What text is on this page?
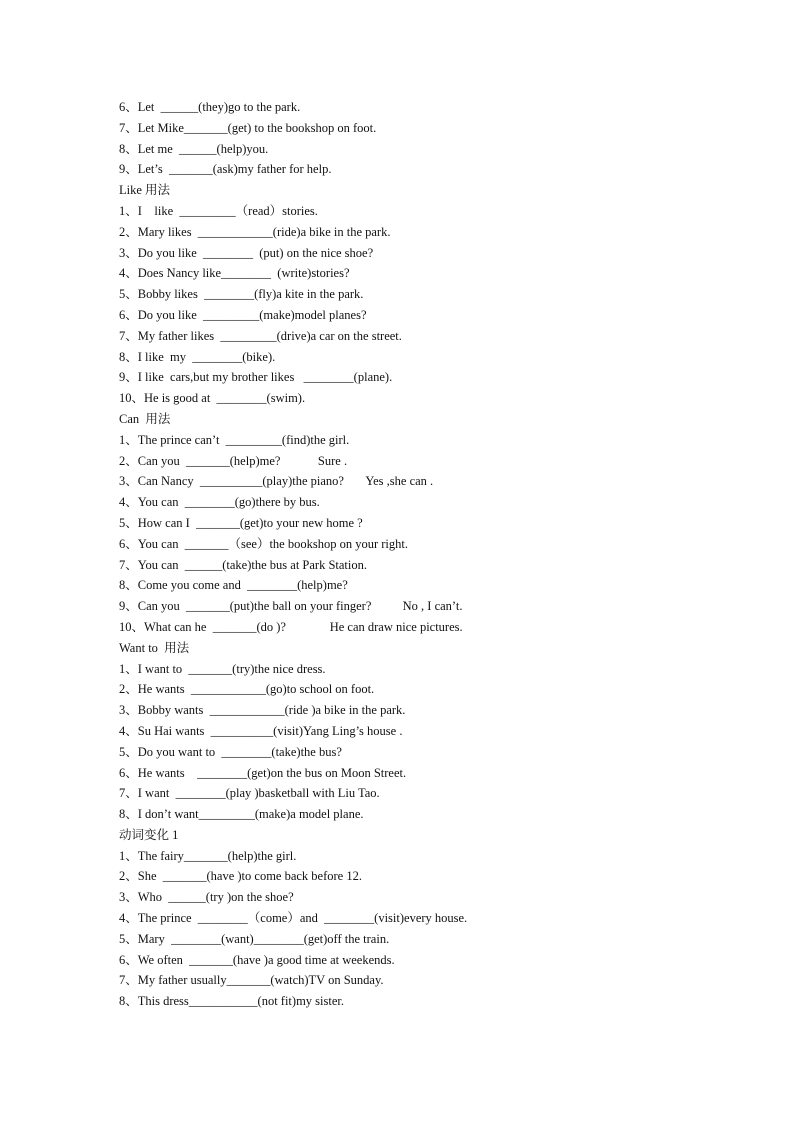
6、Let  ______(they)go to the park.
7、Let Mike_______(get) to the bookshop on foot.
8、Let me  ______(help)you.
9、Let’s  _______(ask)my father for help.
Like 用法
1、I    like  _________（read）stories.
2、Mary likes  ____________(ride)a bike in the park.
3、Do you like  ________  (put) on the nice shoe?
4、Does Nancy like________  (write)stories?
5、Bobby likes  ________(fly)a kite in the park.
6、Do you like  _________(make)model planes?
7、My father likes  _________(drive)a car on the street.
8、I like  my  ________(bike).
9、I like  cars,but my brother likes   ________(plane).
10、He is good at  ________(swim).
Can  用法
1、The prince can’t  _________(find)the girl.
2、Can you  _______(help)me?            Sure .
3、Can Nancy  __________(play)the piano?       Yes ,she can .
4、You can  ________(go)there by bus.
5、How can I  _______(get)to your new home ?
6、You can  _______（see）the bookshop on your right.
7、You can  ______(take)the bus at Park Station.
8、Come you come and  ________(help)me?
9、Can you  _______(put)the ball on your finger?          No , I can’t.
10、What can he  _______(do )?              He can draw nice pictures.
Want to  用法
1、I want to  _______(try)the nice dress.
2、He wants  ____________(go)to school on foot.
3、Bobby wants  ____________(ride )a bike in the park.
4、Su Hai wants  __________(visit)Yang Ling’s house .
5、Do you want to  ________(take)the bus?
6、He wants    ________(get)on the bus on Moon Street.
7、I want  ________(play )basketball with Liu Tao.
8、I don’t want_________(make)a model plane.
动词变化 1
1、The fairy_______(help)the girl.
2、She  _______(have )to come back before 12.
3、Who  ______(try )on the shoe?
4、The prince  ________（come）and  ________(visit)every house.
5、Mary  ________(want)________(get)off the train.
6、We often  _______(have )a good time at weekends.
7、My father usually_______(watch)TV on Sunday.
8、This dress___________(not fit)my sister.
